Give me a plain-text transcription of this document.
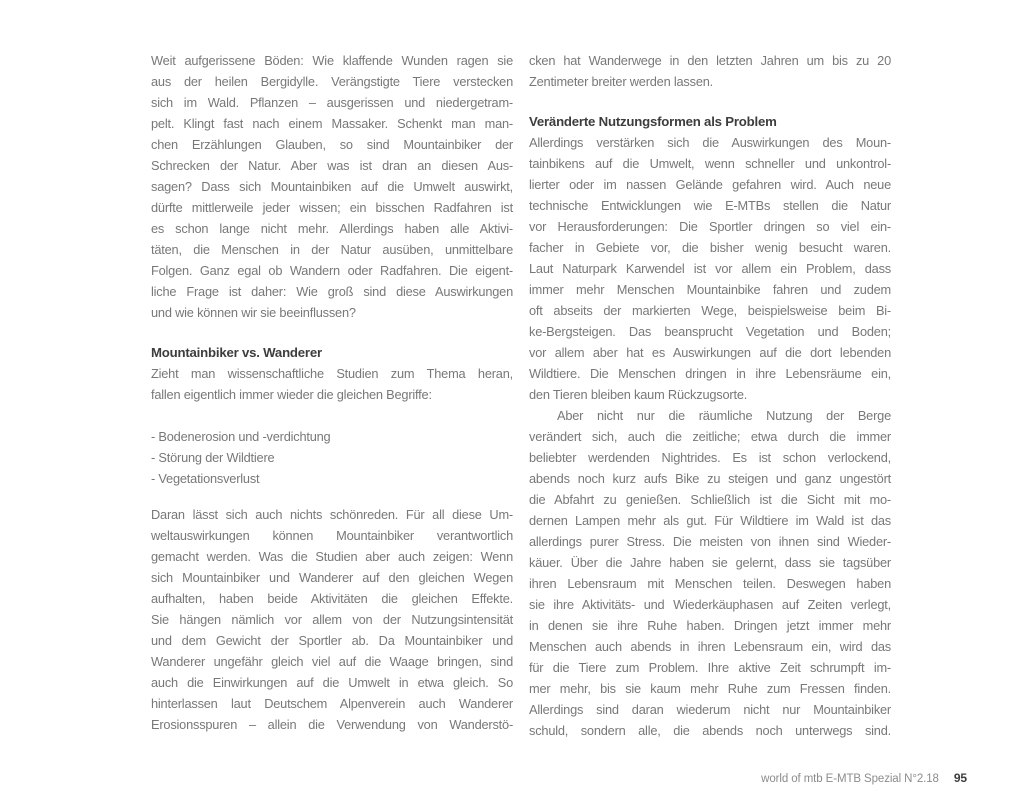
Weit aufgerissene Böden: Wie klaffende Wunden ragen sie
aus der heilen Bergidylle. Verängstigte Tiere verstecken
sich im Wald. Pflanzen – ausgerissen und niedergetram-
pelt. Klingt fast nach einem Massaker. Schenkt man man-
chen Erzählungen Glauben, so sind Mountainbiker der
Schrecken der Natur. Aber was ist dran an diesen Aus-
sagen? Dass sich Mountainbiken auf die Umwelt auswirkt,
dürfte mittlerweile jeder wissen; ein bisschen Radfahren ist
es schon lange nicht mehr. Allerdings haben alle Aktivi-
täten, die Menschen in der Natur ausüben, unmittelbare
Folgen. Ganz egal ob Wandern oder Radfahren. Die eigent-
liche Frage ist daher: Wie groß sind diese Auswirkungen
und wie können wir sie beeinflussen?
Mountainbiker vs. Wanderer
Zieht man wissenschaftliche Studien zum Thema heran,
fallen eigentlich immer wieder die gleichen Begriffe:
- Bodenerosion und -verdichtung
- Störung der Wildtiere
- Vegetationsverlust
Daran lässt sich auch nichts schönreden. Für all diese Um-
weltauswirkungen können Mountainbiker verantwortlich
gemacht werden. Was die Studien aber auch zeigen: Wenn
sich Mountainbiker und Wanderer auf den gleichen Wegen
aufhalten, haben beide Aktivitäten die gleichen Effekte.
Sie hängen nämlich vor allem von der Nutzungsintensität
und dem Gewicht der Sportler ab. Da Mountainbiker und
Wanderer ungefähr gleich viel auf die Waage bringen, sind
auch die Einwirkungen auf die Umwelt in etwa gleich. So
hinterlassen laut Deutschem Alpenverein auch Wanderer
Erosionsspuren – allein die Verwendung von Wanderstö-
cken hat Wanderwege in den letzten Jahren um bis zu 20
Zentimeter breiter werden lassen.
Veränderte Nutzungsformen als Problem
Allerdings verstärken sich die Auswirkungen des Moun-
tainbikens auf die Umwelt, wenn schneller und unkontrol-
lierter oder im nassen Gelände gefahren wird. Auch neue
technische Entwicklungen wie E-MTBs stellen die Natur
vor Herausforderungen: Die Sportler dringen so viel ein-
facher in Gebiete vor, die bisher wenig besucht waren.
Laut Naturpark Karwendel ist vor allem ein Problem, dass
immer mehr Menschen Mountainbike fahren und zudem
oft abseits der markierten Wege, beispielsweise beim Bi-
ke-Bergsteigen. Das beansprucht Vegetation und Boden;
vor allem aber hat es Auswirkungen auf die dort lebenden
Wildtiere. Die Menschen dringen in ihre Lebensräume ein,
den Tieren bleiben kaum Rückzugsorte.
Aber nicht nur die räumliche Nutzung der Berge
verändert sich, auch die zeitliche; etwa durch die immer
beliebter werdenden Nightrides. Es ist schon verlockend,
abends noch kurz aufs Bike zu steigen und ganz ungestört
die Abfahrt zu genießen. Schließlich ist die Sicht mit mo-
dernen Lampen mehr als gut. Für Wildtiere im Wald ist das
allerdings purer Stress. Die meisten von ihnen sind Wieder-
käuer. Über die Jahre haben sie gelernt, dass sie tagsüber
ihren Lebensraum mit Menschen teilen. Deswegen haben
sie ihre Aktivitäts- und Wiederkäuphasen auf Zeiten verlegt,
in denen sie ihre Ruhe haben. Dringen jetzt immer mehr
Menschen auch abends in ihren Lebensraum ein, wird das
für die Tiere zum Problem. Ihre aktive Zeit schrumpft im-
mer mehr, bis sie kaum mehr Ruhe zum Fressen finden.
Allerdings sind daran wiederum nicht nur Mountainbiker
schuld, sondern alle, die abends noch unterwegs sind.
world of mtb E-MTB Spezial N°2.18 95
